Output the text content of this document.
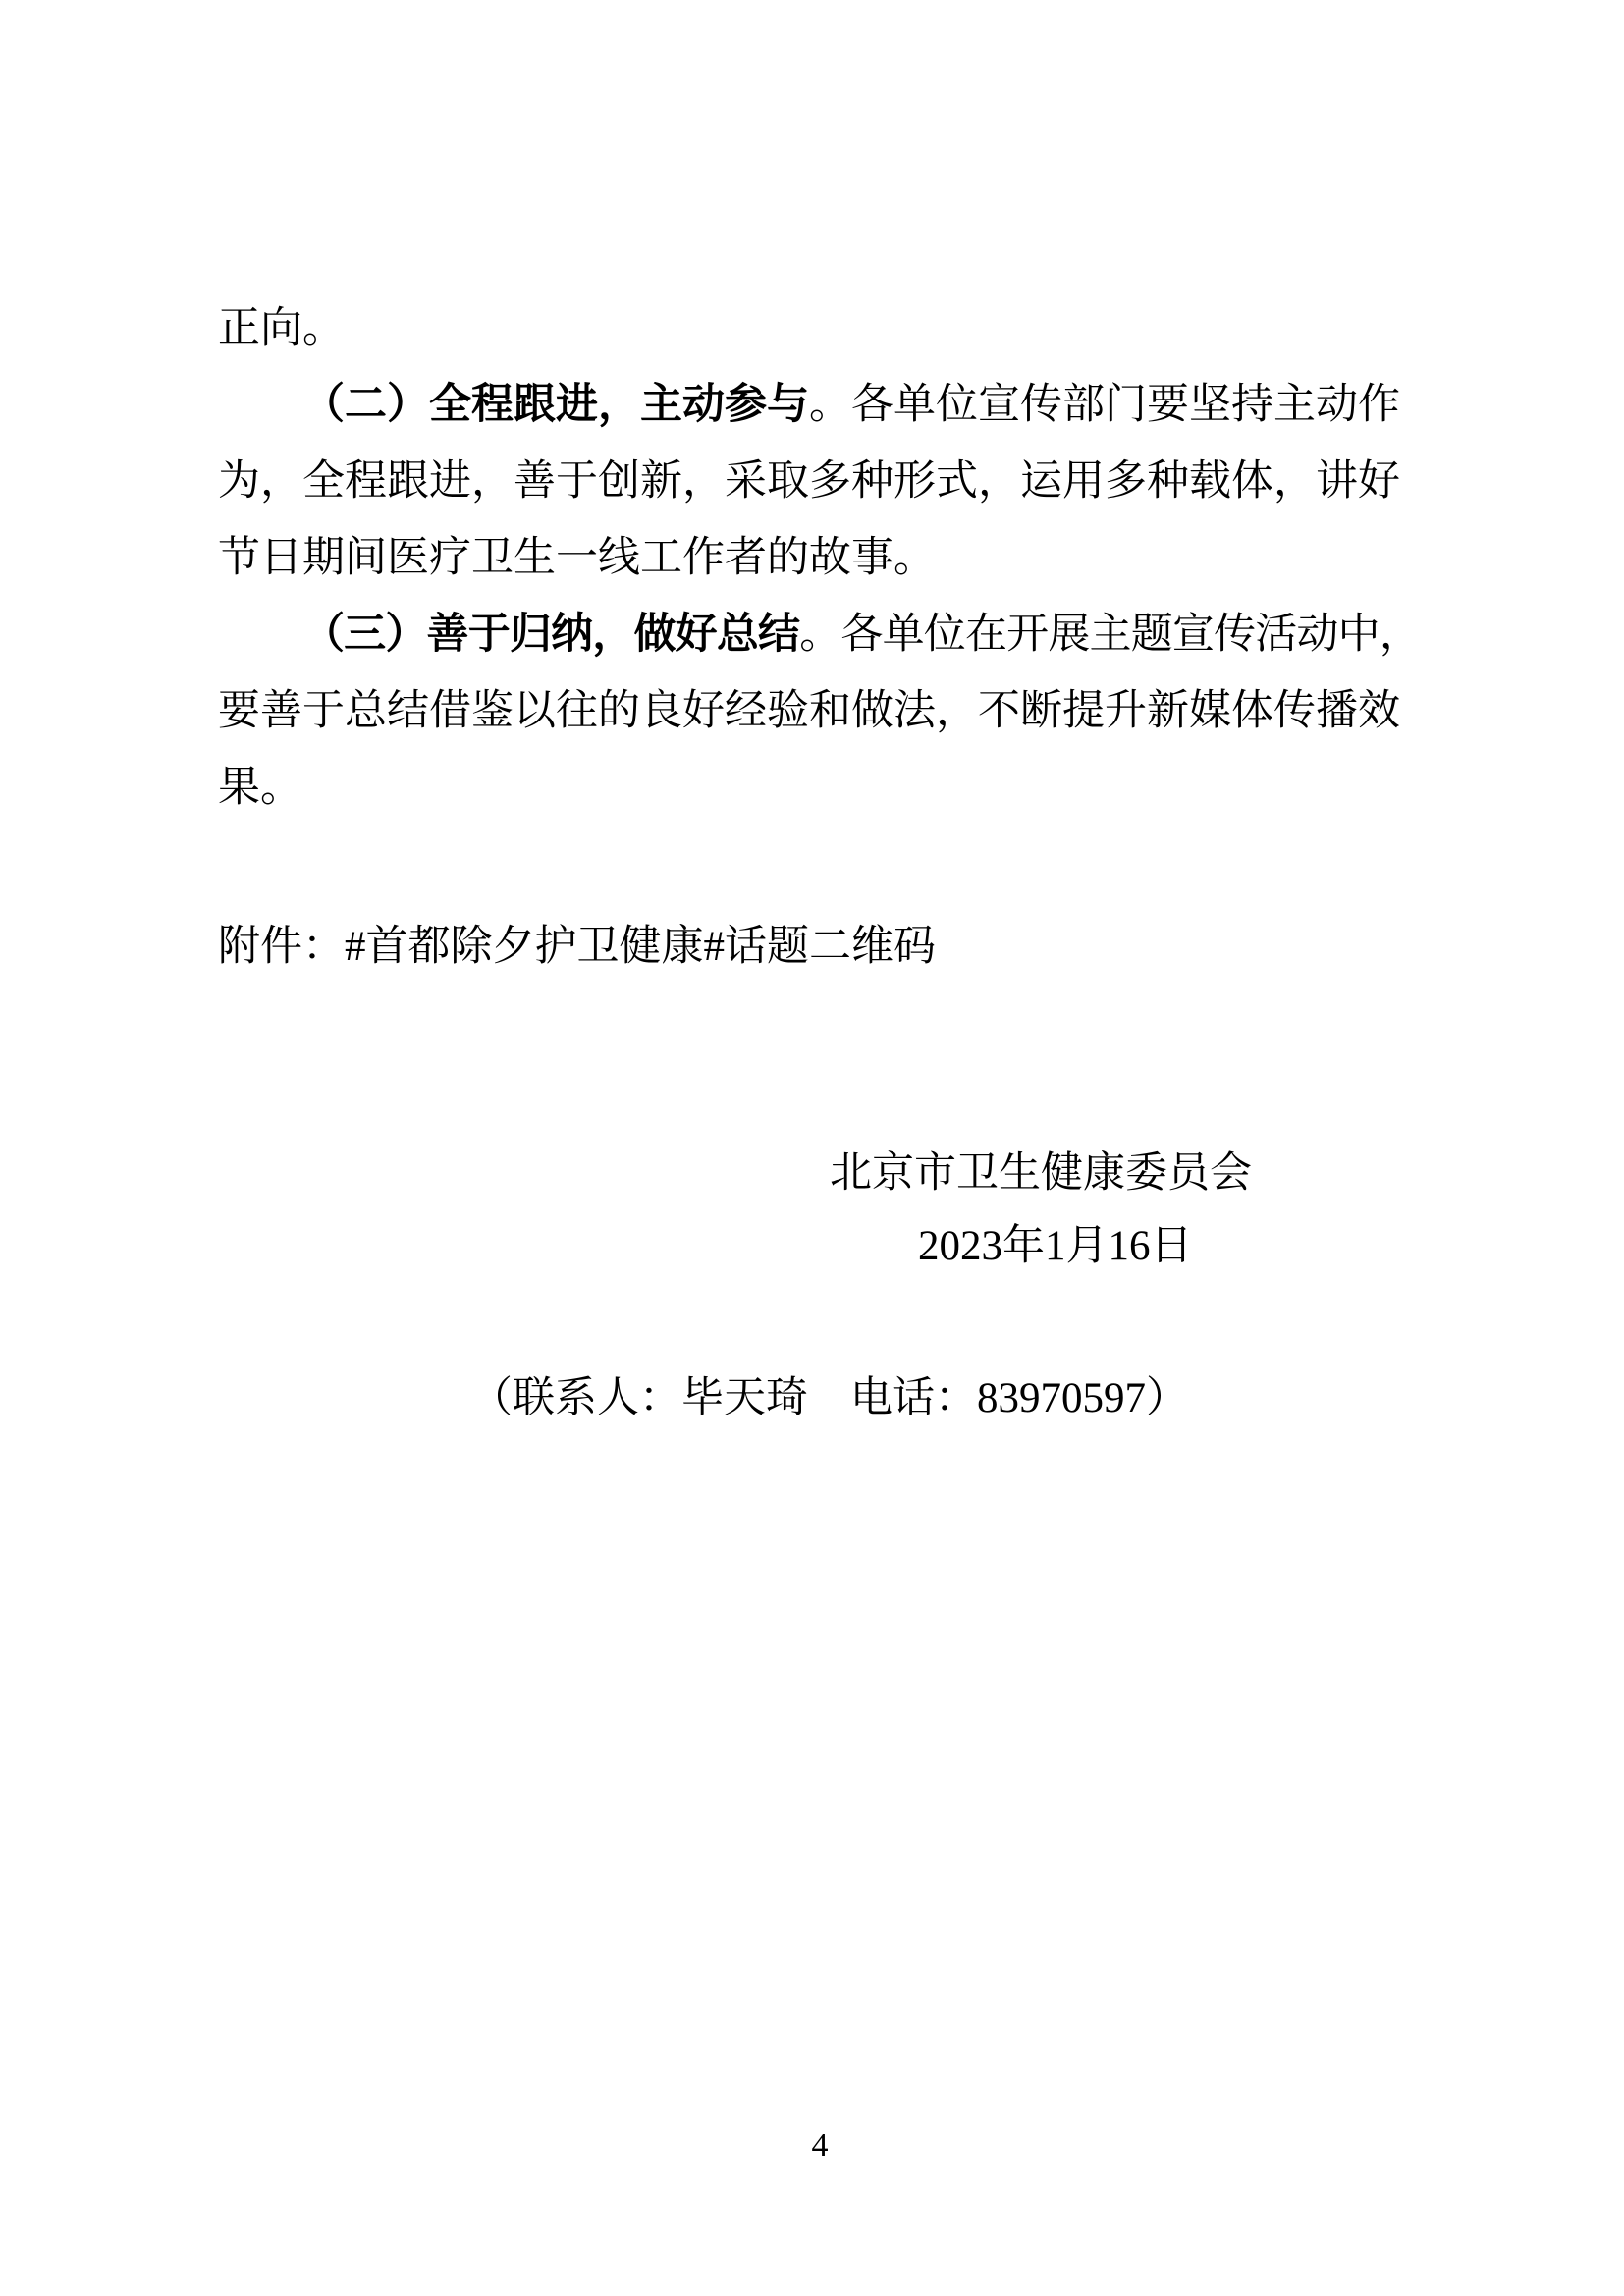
正向。
（二）全程跟进，主动参与。各单位宣传部门要坚持主动作
为，全程跟进，善于创新，采取多种形式，运用多种载体，讲好
节日期间医疗卫生一线工作者的故事。
（三）善于归纳，做好总结。各单位在开展主题宣传活动中，
要善于总结借鉴以往的良好经验和做法，不断提升新媒体传播效
果。
附件：#首都除夕护卫健康#话题二维码
北京市卫生健康委员会
2023年1月16日
（联系人：毕天琦　电话：83970597）
4
